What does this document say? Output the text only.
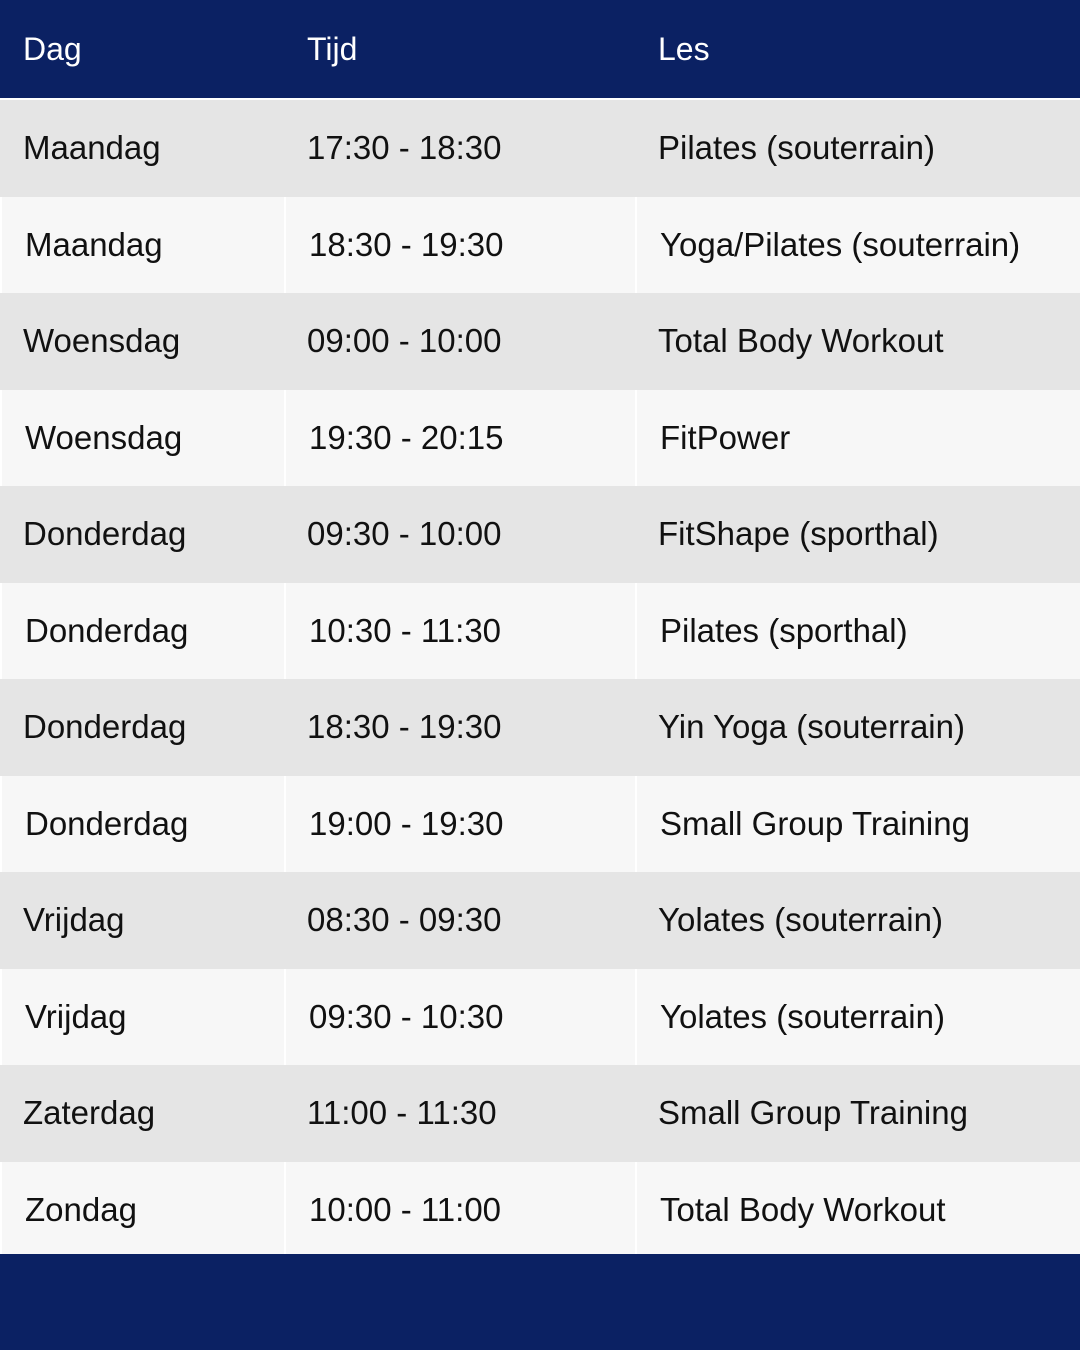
Dag	Tijd	Les
Maandag	17:30 - 18:30	Pilates (souterrain)
Maandag	18:30 - 19:30	Yoga/Pilates (souterrain)
Woensdag	09:00 - 10:00	Total Body Workout
Woensdag	19:30 - 20:15	FitPower
Donderdag	09:30 - 10:00	FitShape (sporthal)
Donderdag	10:30 - 11:30	Pilates (sporthal)
Donderdag	18:30 - 19:30	Yin Yoga (souterrain)
Donderdag	19:00 - 19:30	Small Group Training
Vrijdag	08:30 - 09:30	Yolates (souterrain)
Vrijdag	09:30 - 10:30	Yolates (souterrain)
Zaterdag	11:00 - 11:30	Small Group Training
Zondag	10:00 - 11:00	Total Body Workout
